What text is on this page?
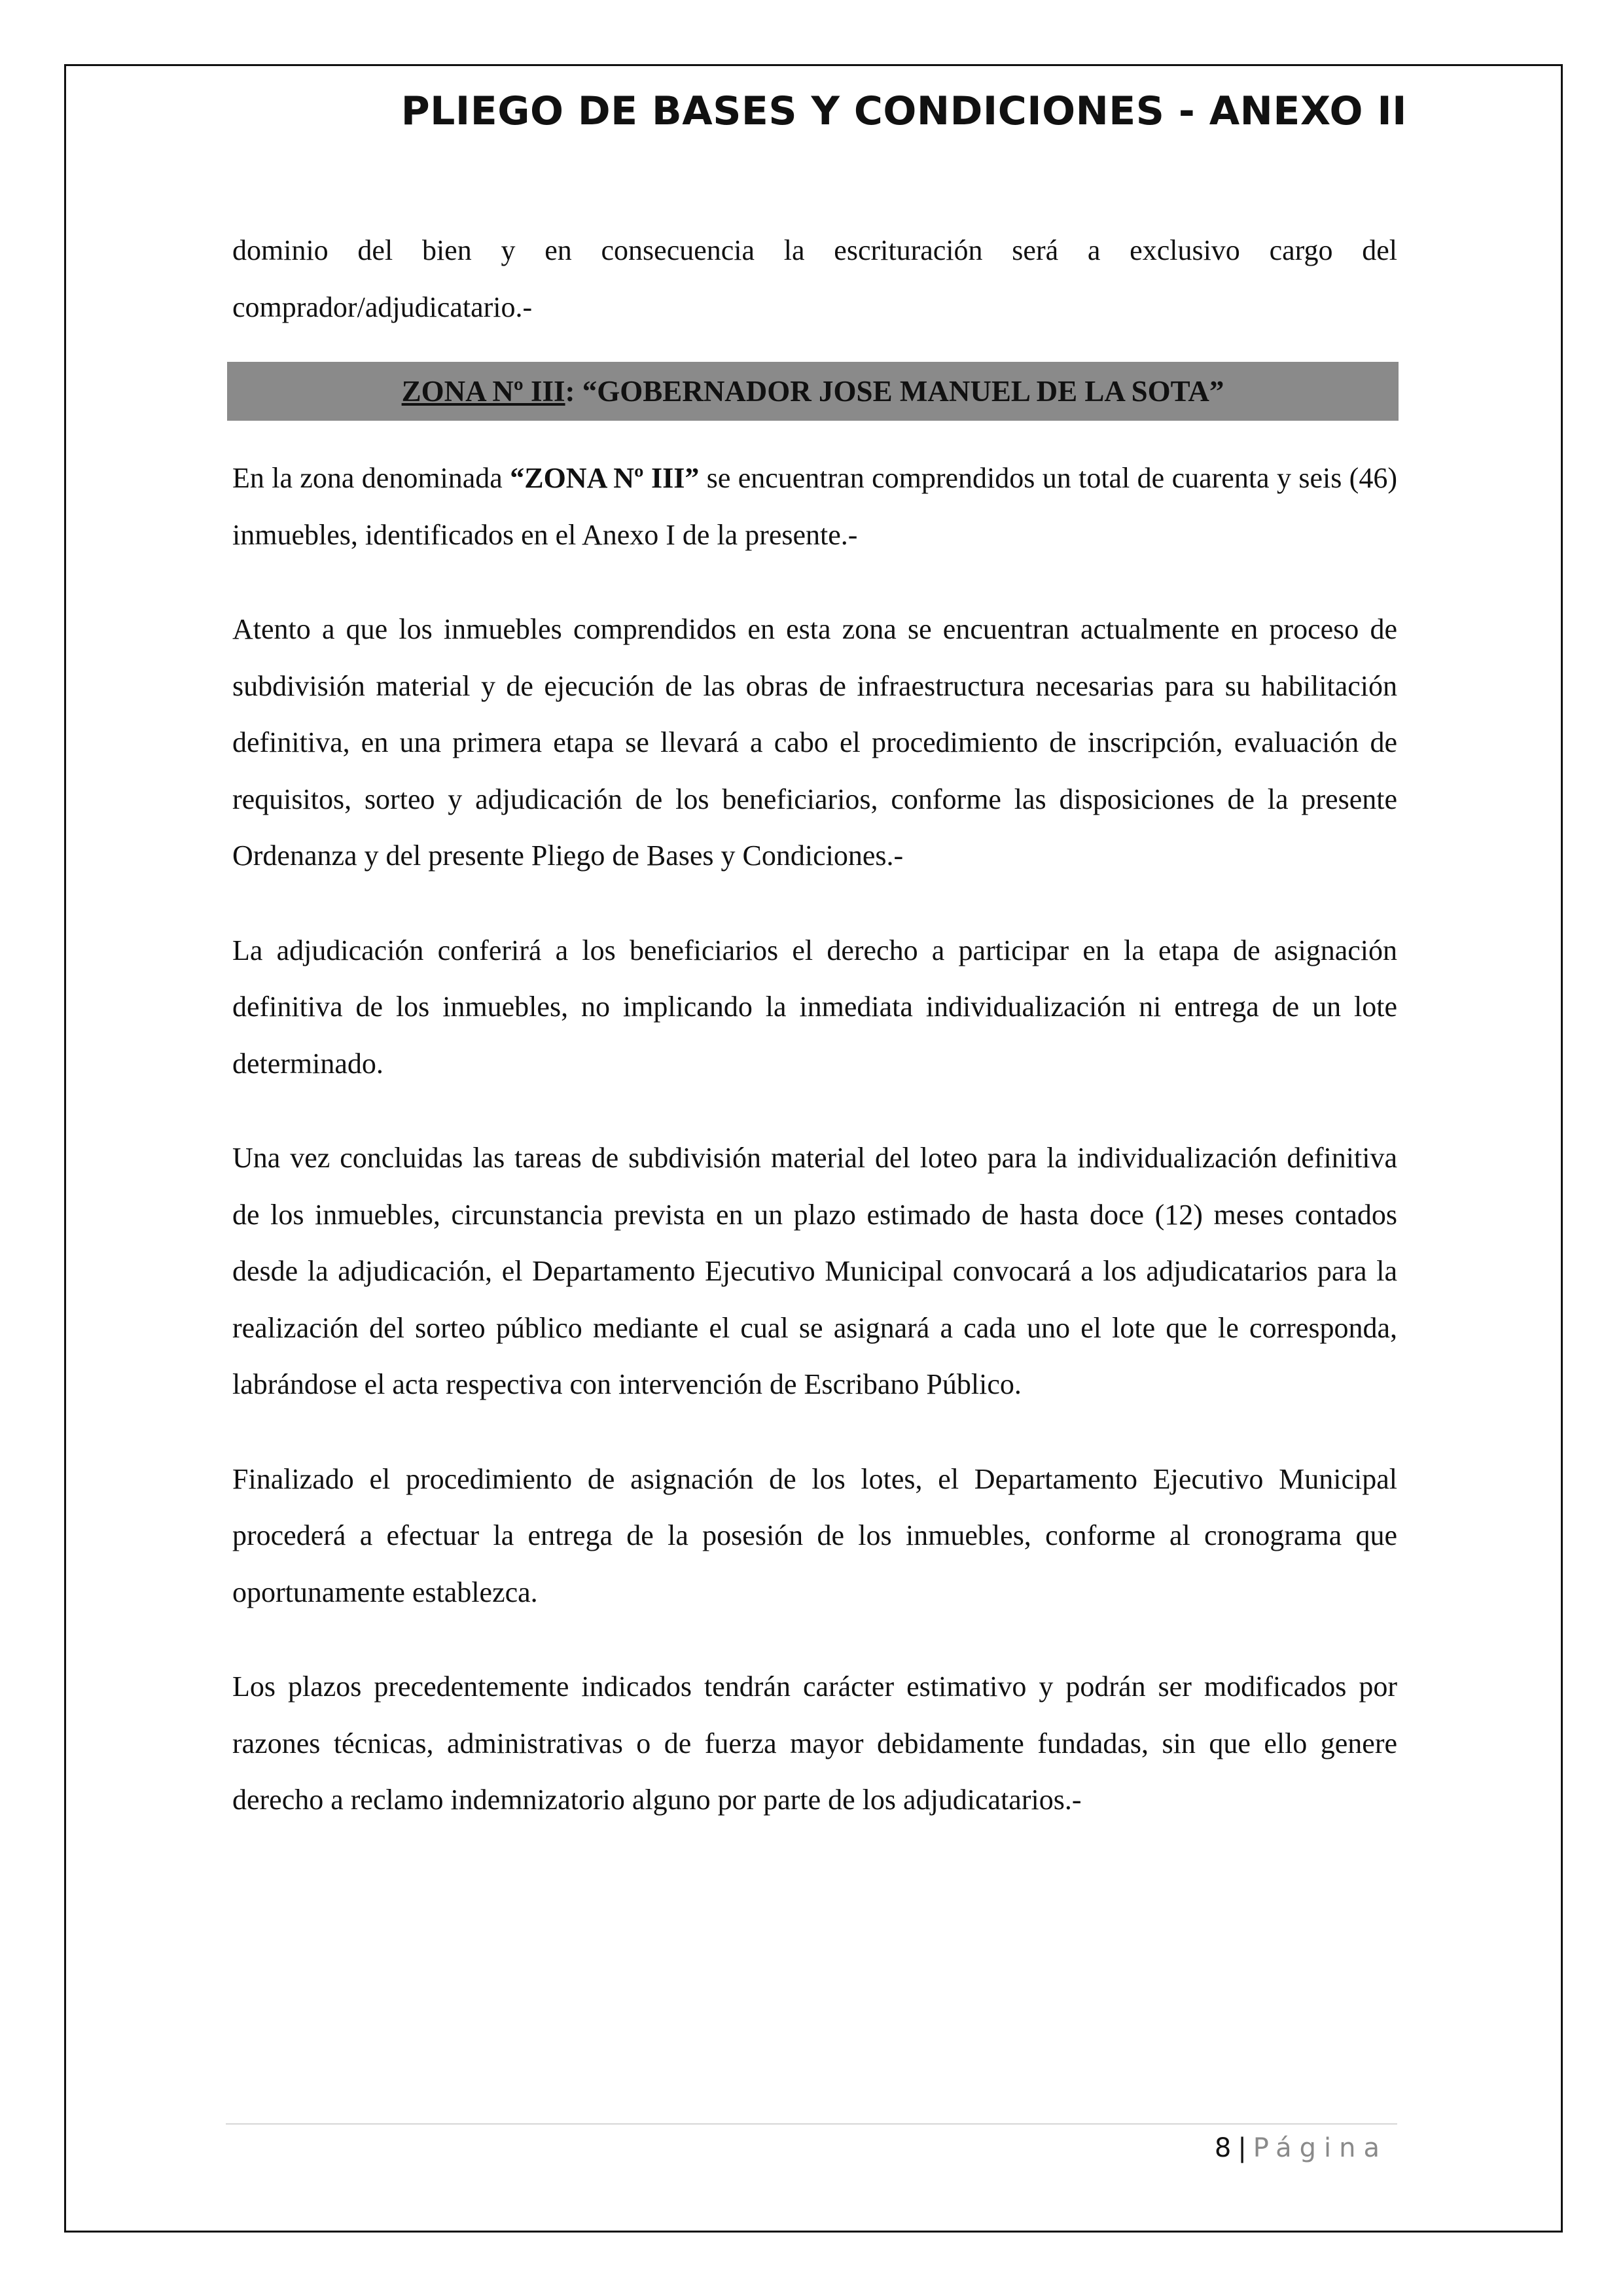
PLIEGO DE BASES Y CONDICIONES - ANEXO II

dominio del bien y en consecuencia la escrituración será a exclusivo cargo del comprador/adjudicatario.-

ZONA Nº III: “GOBERNADOR JOSE MANUEL DE LA SOTA”

En la zona denominada “ZONA Nº III” se encuentran comprendidos un total de cuarenta y seis (46) inmuebles, identificados en el Anexo I de la presente.-

Atento a que los inmuebles comprendidos en esta zona se encuentran actualmente en proceso de subdivisión material y de ejecución de las obras de infraestructura necesarias para su habilitación definitiva, en una primera etapa se llevará a cabo el procedimiento de inscripción, evaluación de requisitos, sorteo y adjudicación de los beneficiarios, conforme las disposiciones de la presente Ordenanza y del presente Pliego de Bases y Condiciones.-

La adjudicación conferirá a los beneficiarios el derecho a participar en la etapa de asignación definitiva de los inmuebles, no implicando la inmediata individualización ni entrega de un lote determinado.

Una vez concluidas las tareas de subdivisión material del loteo para la individualización definitiva de los inmuebles, circunstancia prevista en un plazo estimado de hasta doce (12) meses contados desde la adjudicación, el Departamento Ejecutivo Municipal convocará a los adjudicatarios para la realización del sorteo público mediante el cual se asignará a cada uno el lote que le corresponda, labrándose el acta respectiva con intervención de Escribano Público.

Finalizado el procedimiento de asignación de los lotes, el Departamento Ejecutivo Municipal procederá a efectuar la entrega de la posesión de los inmuebles, conforme al cronograma que oportunamente establezca.

Los plazos precedentemente indicados tendrán carácter estimativo y podrán ser modificados por razones técnicas, administrativas o de fuerza mayor debidamente fundadas, sin que ello genere derecho a reclamo indemnizatorio alguno por parte de los adjudicatarios.-

8 | Página
